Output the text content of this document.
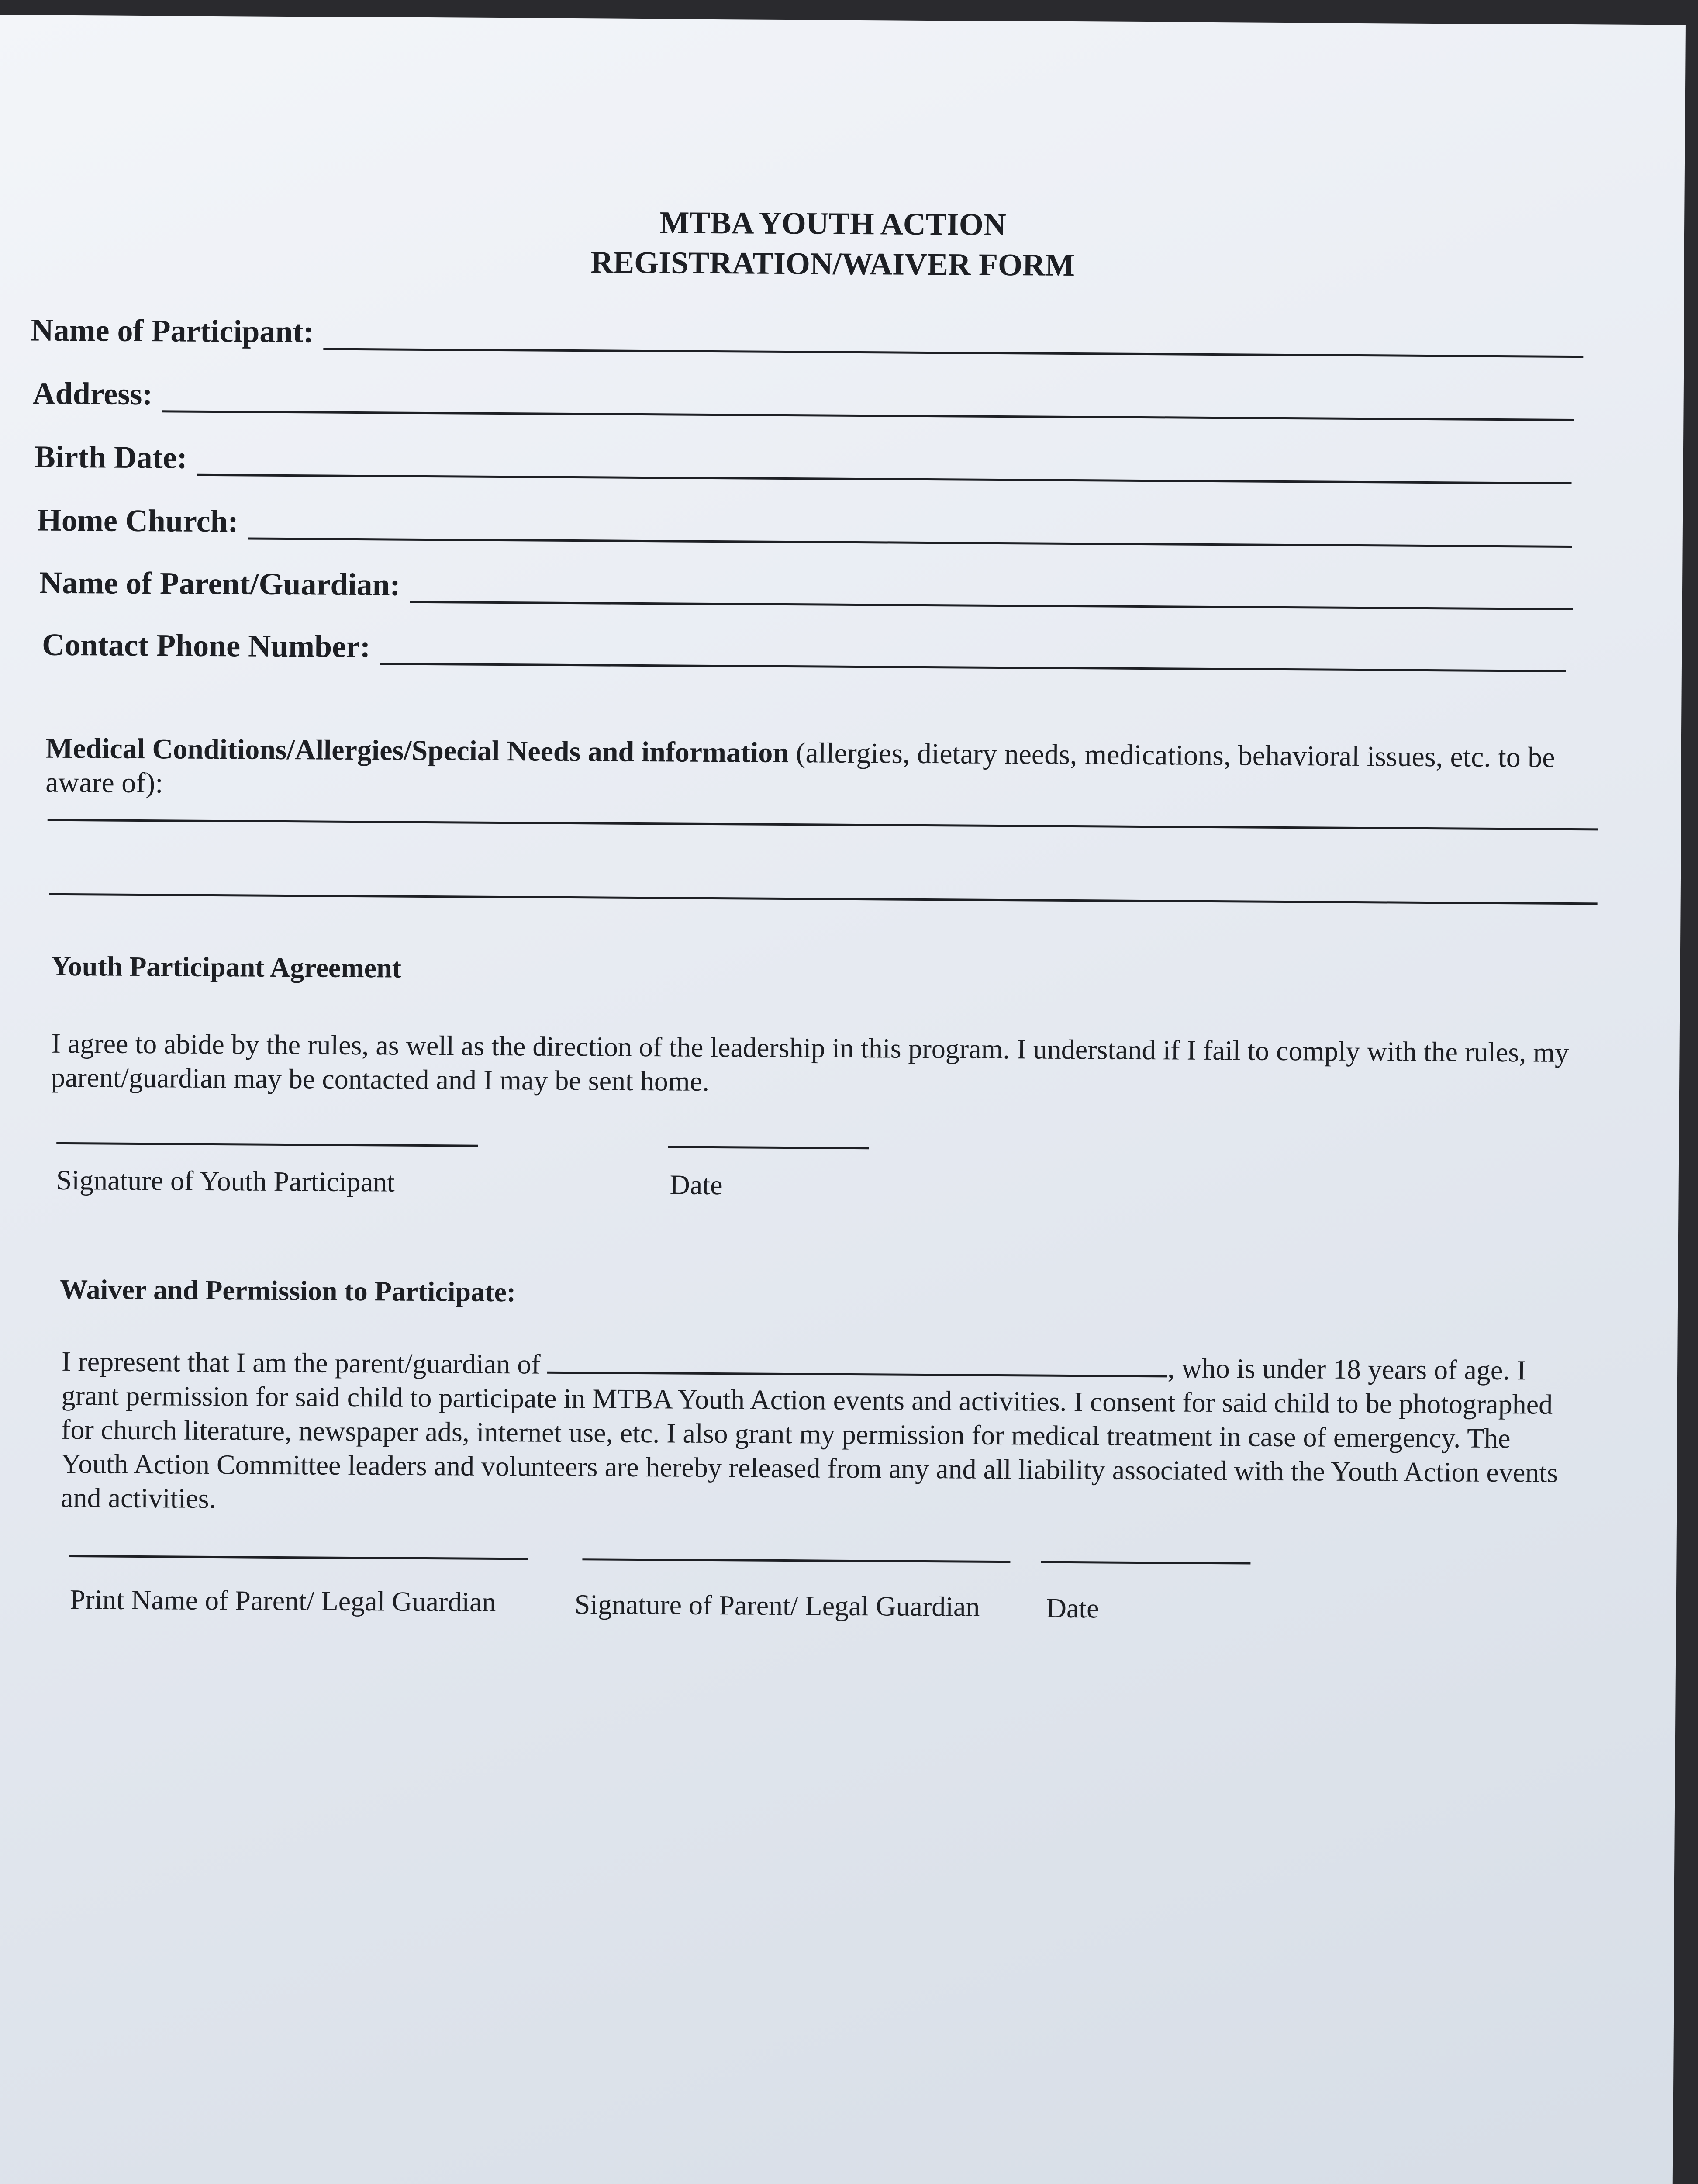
MTBA YOUTH ACTION
REGISTRATION/WAIVER FORM
Name of Participant:
Address:
Birth Date:
Home Church:
Name of Parent/Guardian:
Contact Phone Number:
Medical Conditions/Allergies/Special Needs and information (allergies, dietary needs, medications, behavioral issues, etc. to be aware of):
Youth Participant Agreement
I agree to abide by the rules, as well as the direction of the leadership in this program. I understand if I fail to comply with the rules, my parent/guardian may be contacted and I may be sent home.
Signature of Youth Participant	Date
Waiver and Permission to Participate:
I represent that I am the parent/guardian of	, who is under 18 years of age. I grant permission for said child to participate in MTBA Youth Action events and activities. I consent for said child to be photographed for church literature, newspaper ads, internet use, etc. I also grant my permission for medical treatment in case of emergency. The Youth Action Committee leaders and volunteers are hereby released from any and all liability associated with the Youth Action events and activities.
Print Name of Parent/ Legal Guardian	Signature of Parent/ Legal Guardian Date
